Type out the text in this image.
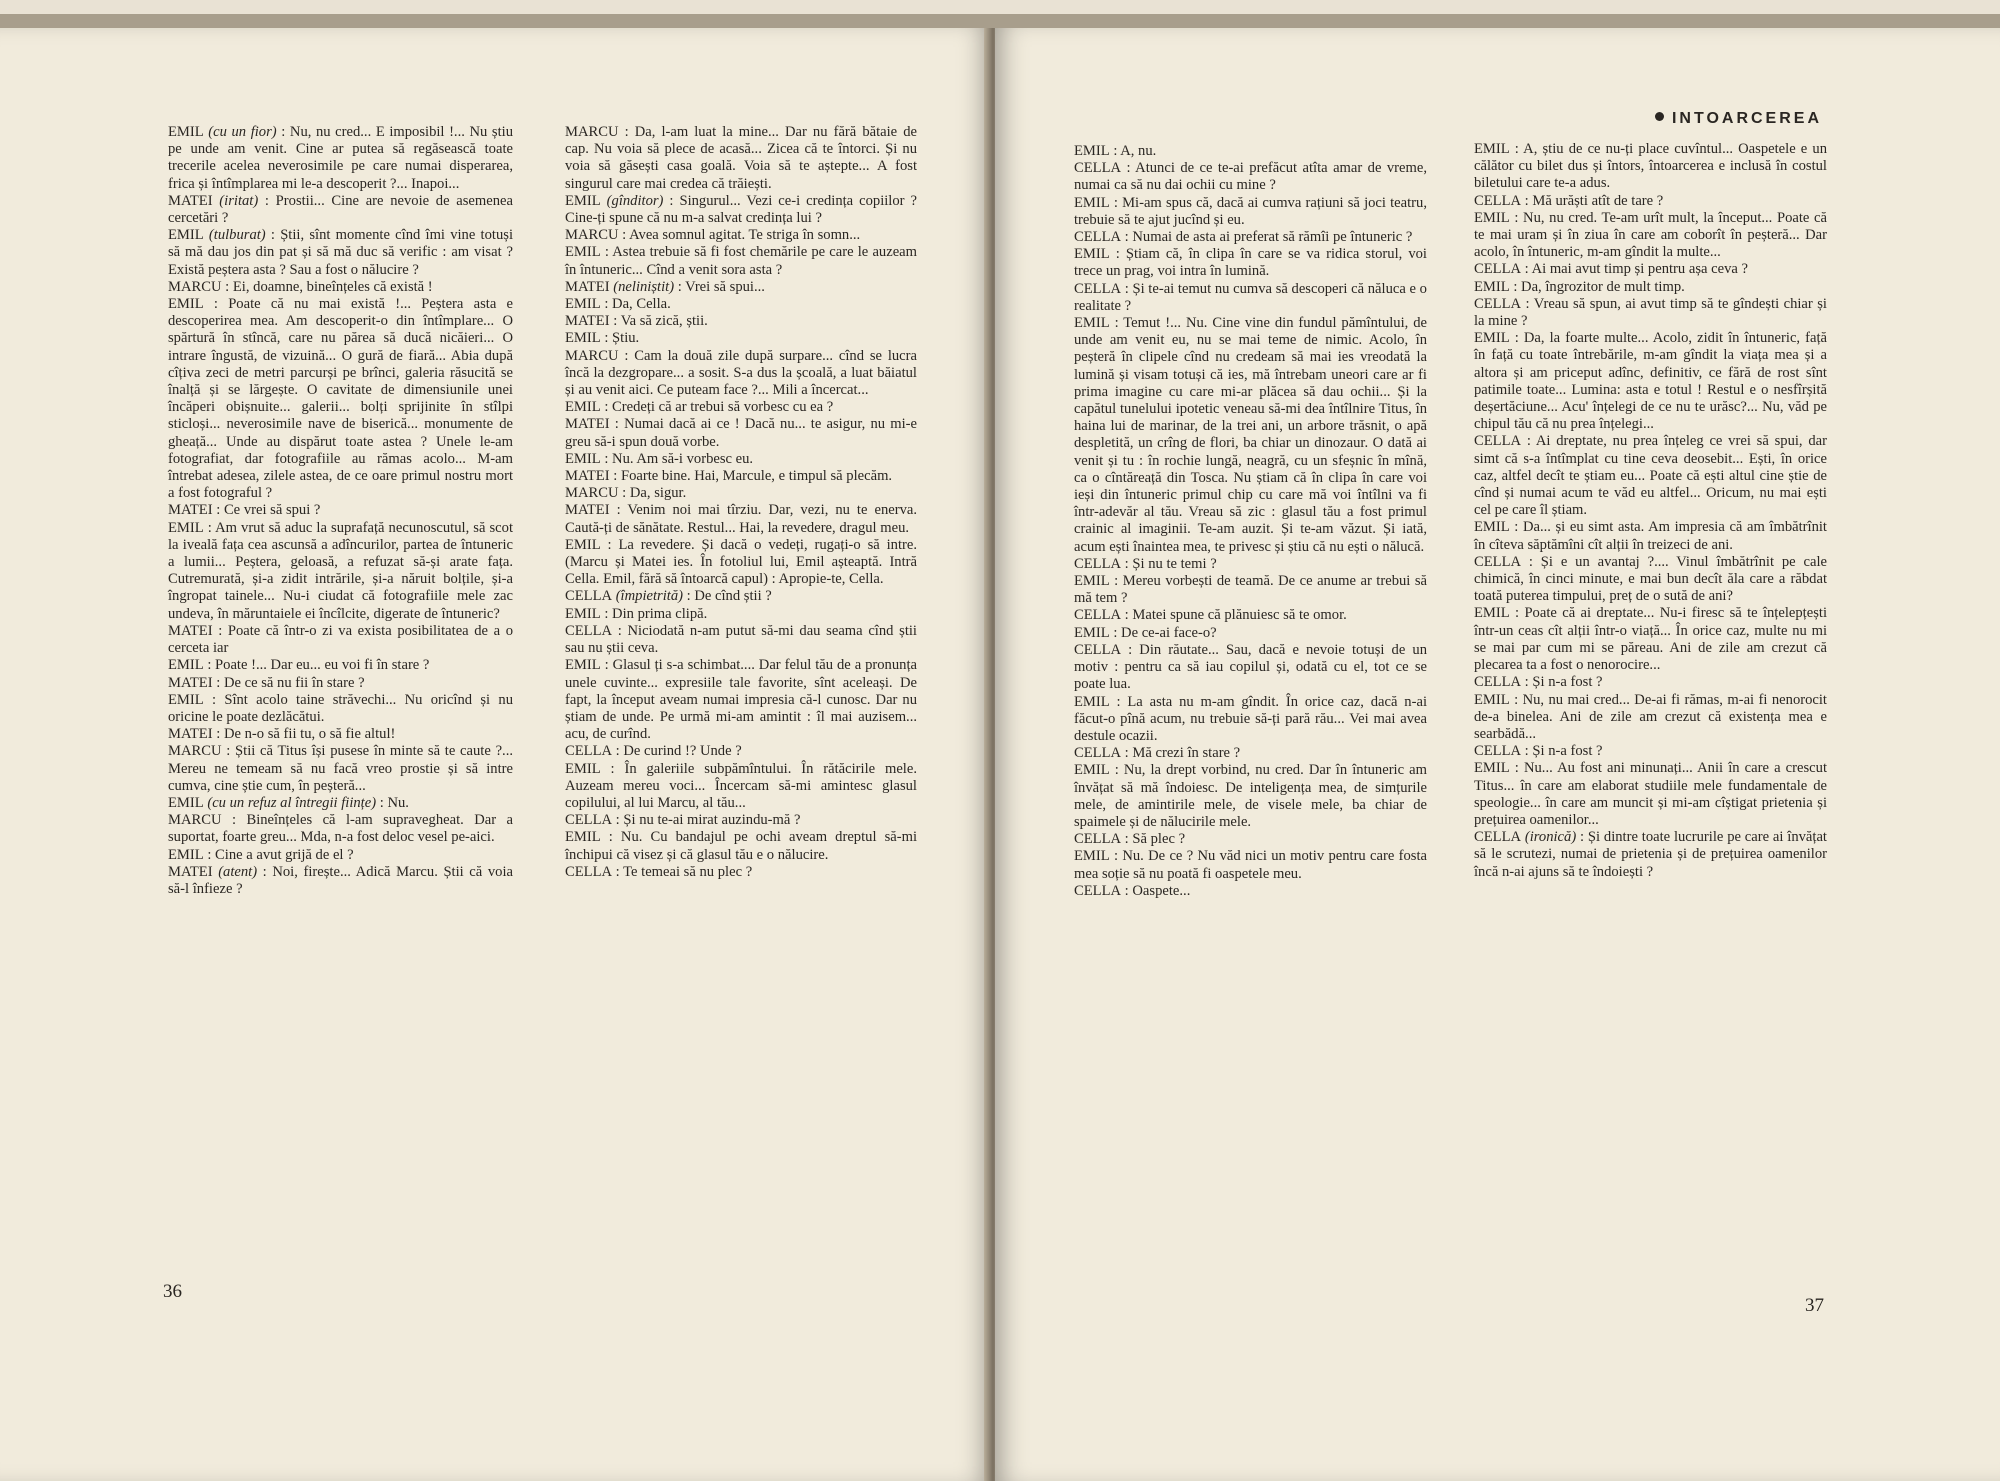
EMIL (cu un fior) : Nu, nu cred... E imposibil !... Nu știu pe unde am venit. Cine ar putea să regăsească toate trecerile acelea neverosimile pe care numai disperarea, frica și întîmplarea mi le-a descoperit ?... Inapoi...

MATEI (iritat) : Prostii... Cine are nevoie de asemenea cercetări ?

EMIL (tulburat) : Știi, sînt momente cînd îmi vine totuși să mă dau jos din pat și să mă duc să verific : am visat ? Există peștera asta ? Sau a fost o nălucire ?

MARCU : Ei, doamne, bineînțeles că există !

EMIL : Poate că nu mai există !... Peștera asta e descoperirea mea. Am descoperit-o din întîmplare... O spărtură în stîncă, care nu părea să ducă nicăieri... O intrare îngustă, de vizuină... O gură de fiară... Abia după cîțiva zeci de metri parcurși pe brînci, galeria răsucită se înalță și se lărgește. O cavitate de dimensiunile unei încăperi obișnuite... galerii... bolți sprijinite în stîlpi sticloși... neverosimile nave de biserică... monumente de gheață... Unde au dispărut toate astea ? Unele le-am fotografiat, dar fotografiile au rămas acolo... M-am întrebat adesea, zilele astea, de ce oare primul nostru mort a fost fotograful ?

MATEI : Ce vrei să spui ?

EMIL : Am vrut să aduc la suprafață necunoscutul, să scot la iveală fața cea ascunsă a adîncurilor, partea de întuneric a lumii... Peștera, geloasă, a refuzat să-și arate fața. Cutremurată, și-a zidit intrările, și-a năruit bolțile, și-a îngropat tainele... Nu-i ciudat că fotografiile mele zac undeva, în măruntaiele ei încîlcite, digerate de întuneric?

MATEI : Poate că într-o zi va exista posibilitatea de a o cerceta iar

EMIL : Poate !... Dar eu... eu voi fi în stare ?

MATEI : De ce să nu fii în stare ?

EMIL : Sînt acolo taine străvechi... Nu oricînd și nu oricine le poate dezlăcătui.

MATEI : De n-o să fii tu, o să fie altul!

MARCU : Știi că Titus își pusese în minte să te caute ?... Mereu ne temeam să nu facă vreo prostie și să intre cumva, cine știe cum, în peșteră...

EMIL (cu un refuz al întregii ființe) : Nu.

MARCU : Bineînțeles că l-am supravegheat. Dar a suportat, foarte greu... Mda, n-a fost deloc vesel pe-aici.

EMIL : Cine a avut grijă de el ?

MATEI (atent) : Noi, firește... Adică Marcu. Știi că voia să-l înfieze ?

MARCU : Da, l-am luat la mine... Dar nu fără bătaie de cap. Nu voia să plece de acasă... Zicea că te întorci. Și nu voia să găsești casa goală. Voia să te aștepte... A fost singurul care mai credea că trăiești.

EMIL (gînditor) : Singurul... Vezi ce-i credința copiilor ? Cine-ți spune că nu m-a salvat credința lui ?

MARCU : Avea somnul agitat. Te striga în somn...

EMIL : Astea trebuie să fi fost chemările pe care le auzeam în întuneric... Cînd a venit sora asta ?

MATEI (neliniștit) : Vrei să spui...

EMIL : Da, Cella.

MATEI : Va să zică, știi.

EMIL : Știu.

MARCU : Cam la două zile după surpare... cînd se lucra încă la dezgropare... a sosit. S-a dus la școală, a luat băiatul și au venit aici. Ce puteam face ?... Mili a încercat...

EMIL : Credeți că ar trebui să vorbesc cu ea ?

MATEI : Numai dacă ai ce ! Dacă nu... te asigur, nu mi-e greu să-i spun două vorbe.

EMIL : Nu. Am să-i vorbesc eu.

MATEI : Foarte bine. Hai, Marcule, e timpul să plecăm.

MARCU : Da, sigur.

MATEI : Venim noi mai tîrziu. Dar, vezi, nu te enerva. Caută-ți de sănătate. Restul... Hai, la revedere, dragul meu.

EMIL : La revedere. Și dacă o vedeți, rugați-o să intre. (Marcu și Matei ies. În fotoliul lui, Emil așteaptă. Intră Cella. Emil, fără să întoarcă capul) : Apropie-te, Cella.

CELLA (împietrită) : De cînd știi ?

EMIL : Din prima clipă.

CELLA : Niciodată n-am putut să-mi dau seama cînd știi sau nu știi ceva.

EMIL : Glasul ți s-a schimbat.... Dar felul tău de a pronunța unele cuvinte... expresiile tale favorite, sînt aceleași. De fapt, la început aveam numai impresia că-l cunosc. Dar nu știam de unde. Pe urmă mi-am amintit : îl mai auzisem... acu, de curînd.

CELLA : De curind !? Unde ?

EMIL : În galeriile subpămîntului. În rătăcirile mele. Auzeam mereu voci... Încercam să-mi amintesc glasul copilului, al lui Marcu, al tău...

CELLA : Și nu te-ai mirat auzindu-mă ?

EMIL : Nu. Cu bandajul pe ochi aveam dreptul să-mi închipui că visez și că glasul tău e o nălucire.

CELLA : Te temeai să nu plec ?

36
INTOARCEREA

EMIL : A, nu.

CELLA : Atunci de ce te-ai prefăcut atîta amar de vreme, numai ca să nu dai ochii cu mine ?

EMIL : Mi-am spus că, dacă ai cumva rațiuni să joci teatru, trebuie să te ajut jucînd și eu.

CELLA : Numai de asta ai preferat să rămîi pe întuneric ?

EMIL : Știam că, în clipa în care se va ridica storul, voi trece un prag, voi intra în lumină.

CELLA : Și te-ai temut nu cumva să descoperi că năluca e o realitate ?

EMIL : Temut !... Nu. Cine vine din fundul pămîntului, de unde am venit eu, nu se mai teme de nimic. Acolo, în peșteră în clipele cînd nu credeam să mai ies vreodată la lumină și visam totuși că ies, mă întrebam uneori care ar fi prima imagine cu care mi-ar plăcea să dau ochii... Și la capătul tunelului ipotetic veneau să-mi dea întîlnire Titus, în haina lui de marinar, de la trei ani, un arbore trăsnit, o apă despletită, un crîng de flori, ba chiar un dinozaur. O dată ai venit și tu : în rochie lungă, neagră, cu un sfeșnic în mînă, ca o cîntăreață din Tosca. Nu știam că în clipa în care voi ieși din întuneric primul chip cu care mă voi întîlni va fi într-adevăr al tău. Vreau să zic : glasul tău a fost primul crainic al imaginii. Te-am auzit. Și te-am văzut. Și iată, acum ești înaintea mea, te privesc și știu că nu ești o nălucă.

CELLA : Și nu te temi ?

EMIL : Mereu vorbești de teamă. De ce anume ar trebui să mă tem ?

CELLA : Matei spune că plănuiesc să te omor.

EMIL : De ce-ai face-o?

CELLA : Din răutate... Sau, dacă e nevoie totuși de un motiv : pentru ca să iau copilul și, odată cu el, tot ce se poate lua.

EMIL : La asta nu m-am gîndit. În orice caz, dacă n-ai făcut-o pînă acum, nu trebuie să-ți pară rău... Vei mai avea destule ocazii.

CELLA : Mă crezi în stare ?

EMIL : Nu, la drept vorbind, nu cred. Dar în întuneric am învățat să mă îndoiesc. De inteligența mea, de simțurile mele, de amintirile mele, de visele mele, ba chiar de spaimele și de nălucirile mele.

CELLA : Să plec ?

EMIL : Nu. De ce ? Nu văd nici un motiv pentru care fosta mea soție să nu poată fi oaspetele meu.

CELLA : Oaspete...

EMIL : A, știu de ce nu-ți place cuvîntul... Oaspetele e un călător cu bilet dus și întors, întoarcerea e inclusă în costul biletului care te-a adus.

CELLA : Mă urăști atît de tare ?

EMIL : Nu, nu cred. Te-am urît mult, la început... Poate că te mai uram și în ziua în care am coborît în peșteră... Dar acolo, în întuneric, m-am gîndit la multe...

CELLA : Ai mai avut timp și pentru așa ceva ?

EMIL : Da, îngrozitor de mult timp.

CELLA : Vreau să spun, ai avut timp să te gîndești chiar și la mine ?

EMIL : Da, la foarte multe... Acolo, zidit în întuneric, față în față cu toate întrebările, m-am gîndit la viața mea și a altora și am priceput adînc, definitiv, ce fără de rost sînt patimile toate... Lumina: asta e totul ! Restul e o nesfîrșită deșertăciune... Acu' înțelegi de ce nu te urăsc?... Nu, văd pe chipul tău că nu prea înțelegi...

CELLA : Ai dreptate, nu prea înțeleg ce vrei să spui, dar simt că s-a întîmplat cu tine ceva deosebit... Ești, în orice caz, altfel decît te știam eu... Poate că ești altul cine știe de cînd și numai acum te văd eu altfel... Oricum, nu mai ești cel pe care îl știam.

EMIL : Da... și eu simt asta. Am impresia că am îmbătrînit în cîteva săptămîni cît alții în treizeci de ani.

CELLA : Și e un avantaj ?.... Vinul îmbătrînit pe cale chimică, în cinci minute, e mai bun decît ăla care a răbdat toată puterea timpului, preț de o sută de ani?

EMIL : Poate că ai dreptate... Nu-i firesc să te înțelepțești într-un ceas cît alții într-o viață... În orice caz, multe nu mi se mai par cum mi se păreau. Ani de zile am crezut că plecarea ta a fost o nenorocire...

CELLA : Și n-a fost ?

EMIL : Nu, nu mai cred... De-ai fi rămas, m-ai fi nenorocit de-a binelea. Ani de zile am crezut că existența mea e searbădă...

CELLA : Și n-a fost ?

EMIL : Nu... Au fost ani minunați... Anii în care a crescut Titus... în care am elaborat studiile mele fundamentale de speologie... în care am muncit și mi-am cîștigat prietenia și prețuirea oamenilor...

CELLA (ironică) : Și dintre toate lucrurile pe care ai învățat să le scrutezi, numai de prietenia și de prețuirea oamenilor încă n-ai ajuns să te îndoiești ?

37
